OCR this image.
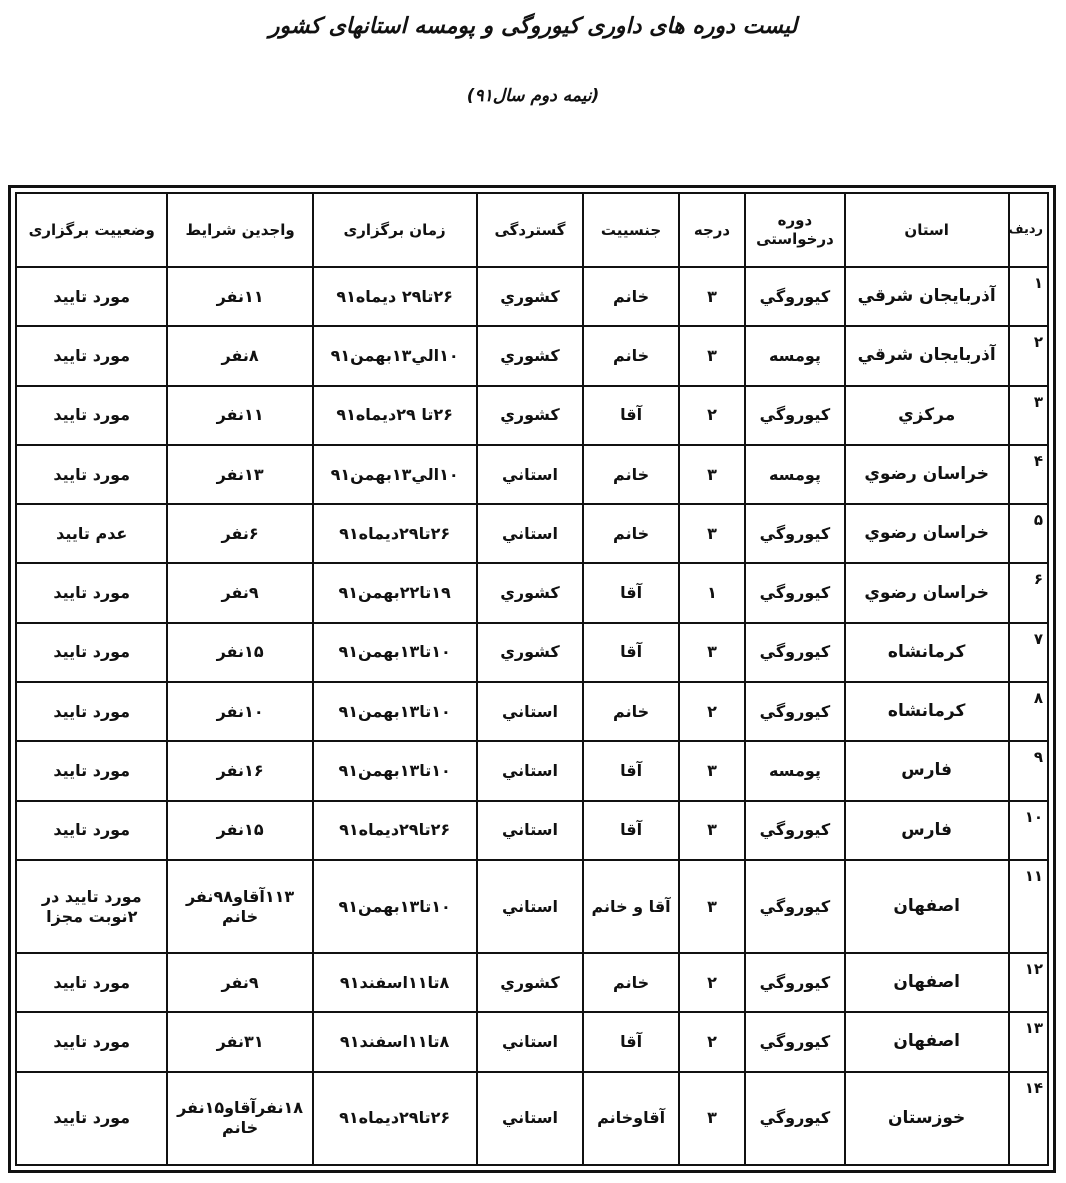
لیست دوره های داوری کیوروگی و پومسه استانهای کشور
(نیمه دوم سال۹۱)
ردیف	استان	دوره درخواستی	درجه	جنسییت	گستردگی	زمان برگزاری	واجدین شرایط	وضعییت برگزاری
۱	آذربایجان شرقي	کیوروگي	۳	خانم	کشوري	۲۶تا۲۹ دیماه۹۱	۱۱نفر	مورد تایید
۲	آذربایجان شرقي	پومسه	۳	خانم	کشوري	۱۰الي۱۳بهمن۹۱	۸نفر	مورد تایید
۳	مرکزي	کیوروگي	۲	آقا	کشوري	۲۶تا ۲۹دیماه۹۱	۱۱نفر	مورد تایید
۴	خراسان رضوي	پومسه	۳	خانم	استاني	۱۰الي۱۳بهمن۹۱	۱۳نفر	مورد تایید
۵	خراسان رضوي	کیوروگي	۳	خانم	استاني	۲۶تا۲۹دیماه۹۱	۶نفر	عدم تایید
۶	خراسان رضوي	کیوروگي	۱	آقا	کشوري	۱۹تا۲۲بهمن۹۱	۹نفر	مورد تایید
۷	کرمانشاه	کیوروگي	۳	آقا	کشوري	۱۰تا۱۳بهمن۹۱	۱۵نفر	مورد تایید
۸	کرمانشاه	کیوروگي	۲	خانم	استاني	۱۰تا۱۳بهمن۹۱	۱۰نفر	مورد تایید
۹	فارس	پومسه	۳	آقا	استاني	۱۰تا۱۳بهمن۹۱	۱۶نفر	مورد تایید
۱۰	فارس	کیوروگي	۳	آقا	استاني	۲۶تا۲۹دیماه۹۱	۱۵نفر	مورد تایید
۱۱	اصفهان	کیوروگي	۳	آقا و خانم	استاني	۱۰تا۱۳بهمن۹۱	۱۱۳آقاو۹۸نفر خانم	مورد تایید در ۲نوبت مجزا
۱۲	اصفهان	کیوروگي	۲	خانم	کشوري	۸تا۱۱اسفند۹۱	۹نفر	مورد تایید
۱۳	اصفهان	کیوروگي	۲	آقا	استاني	۸تا۱۱اسفند۹۱	۳۱نفر	مورد تایید
۱۴	خوزستان	کیوروگي	۳	آقاوخانم	استاني	۲۶تا۲۹دیماه۹۱	۱۸نفرآقاو۱۵نفر خانم	مورد تایید
